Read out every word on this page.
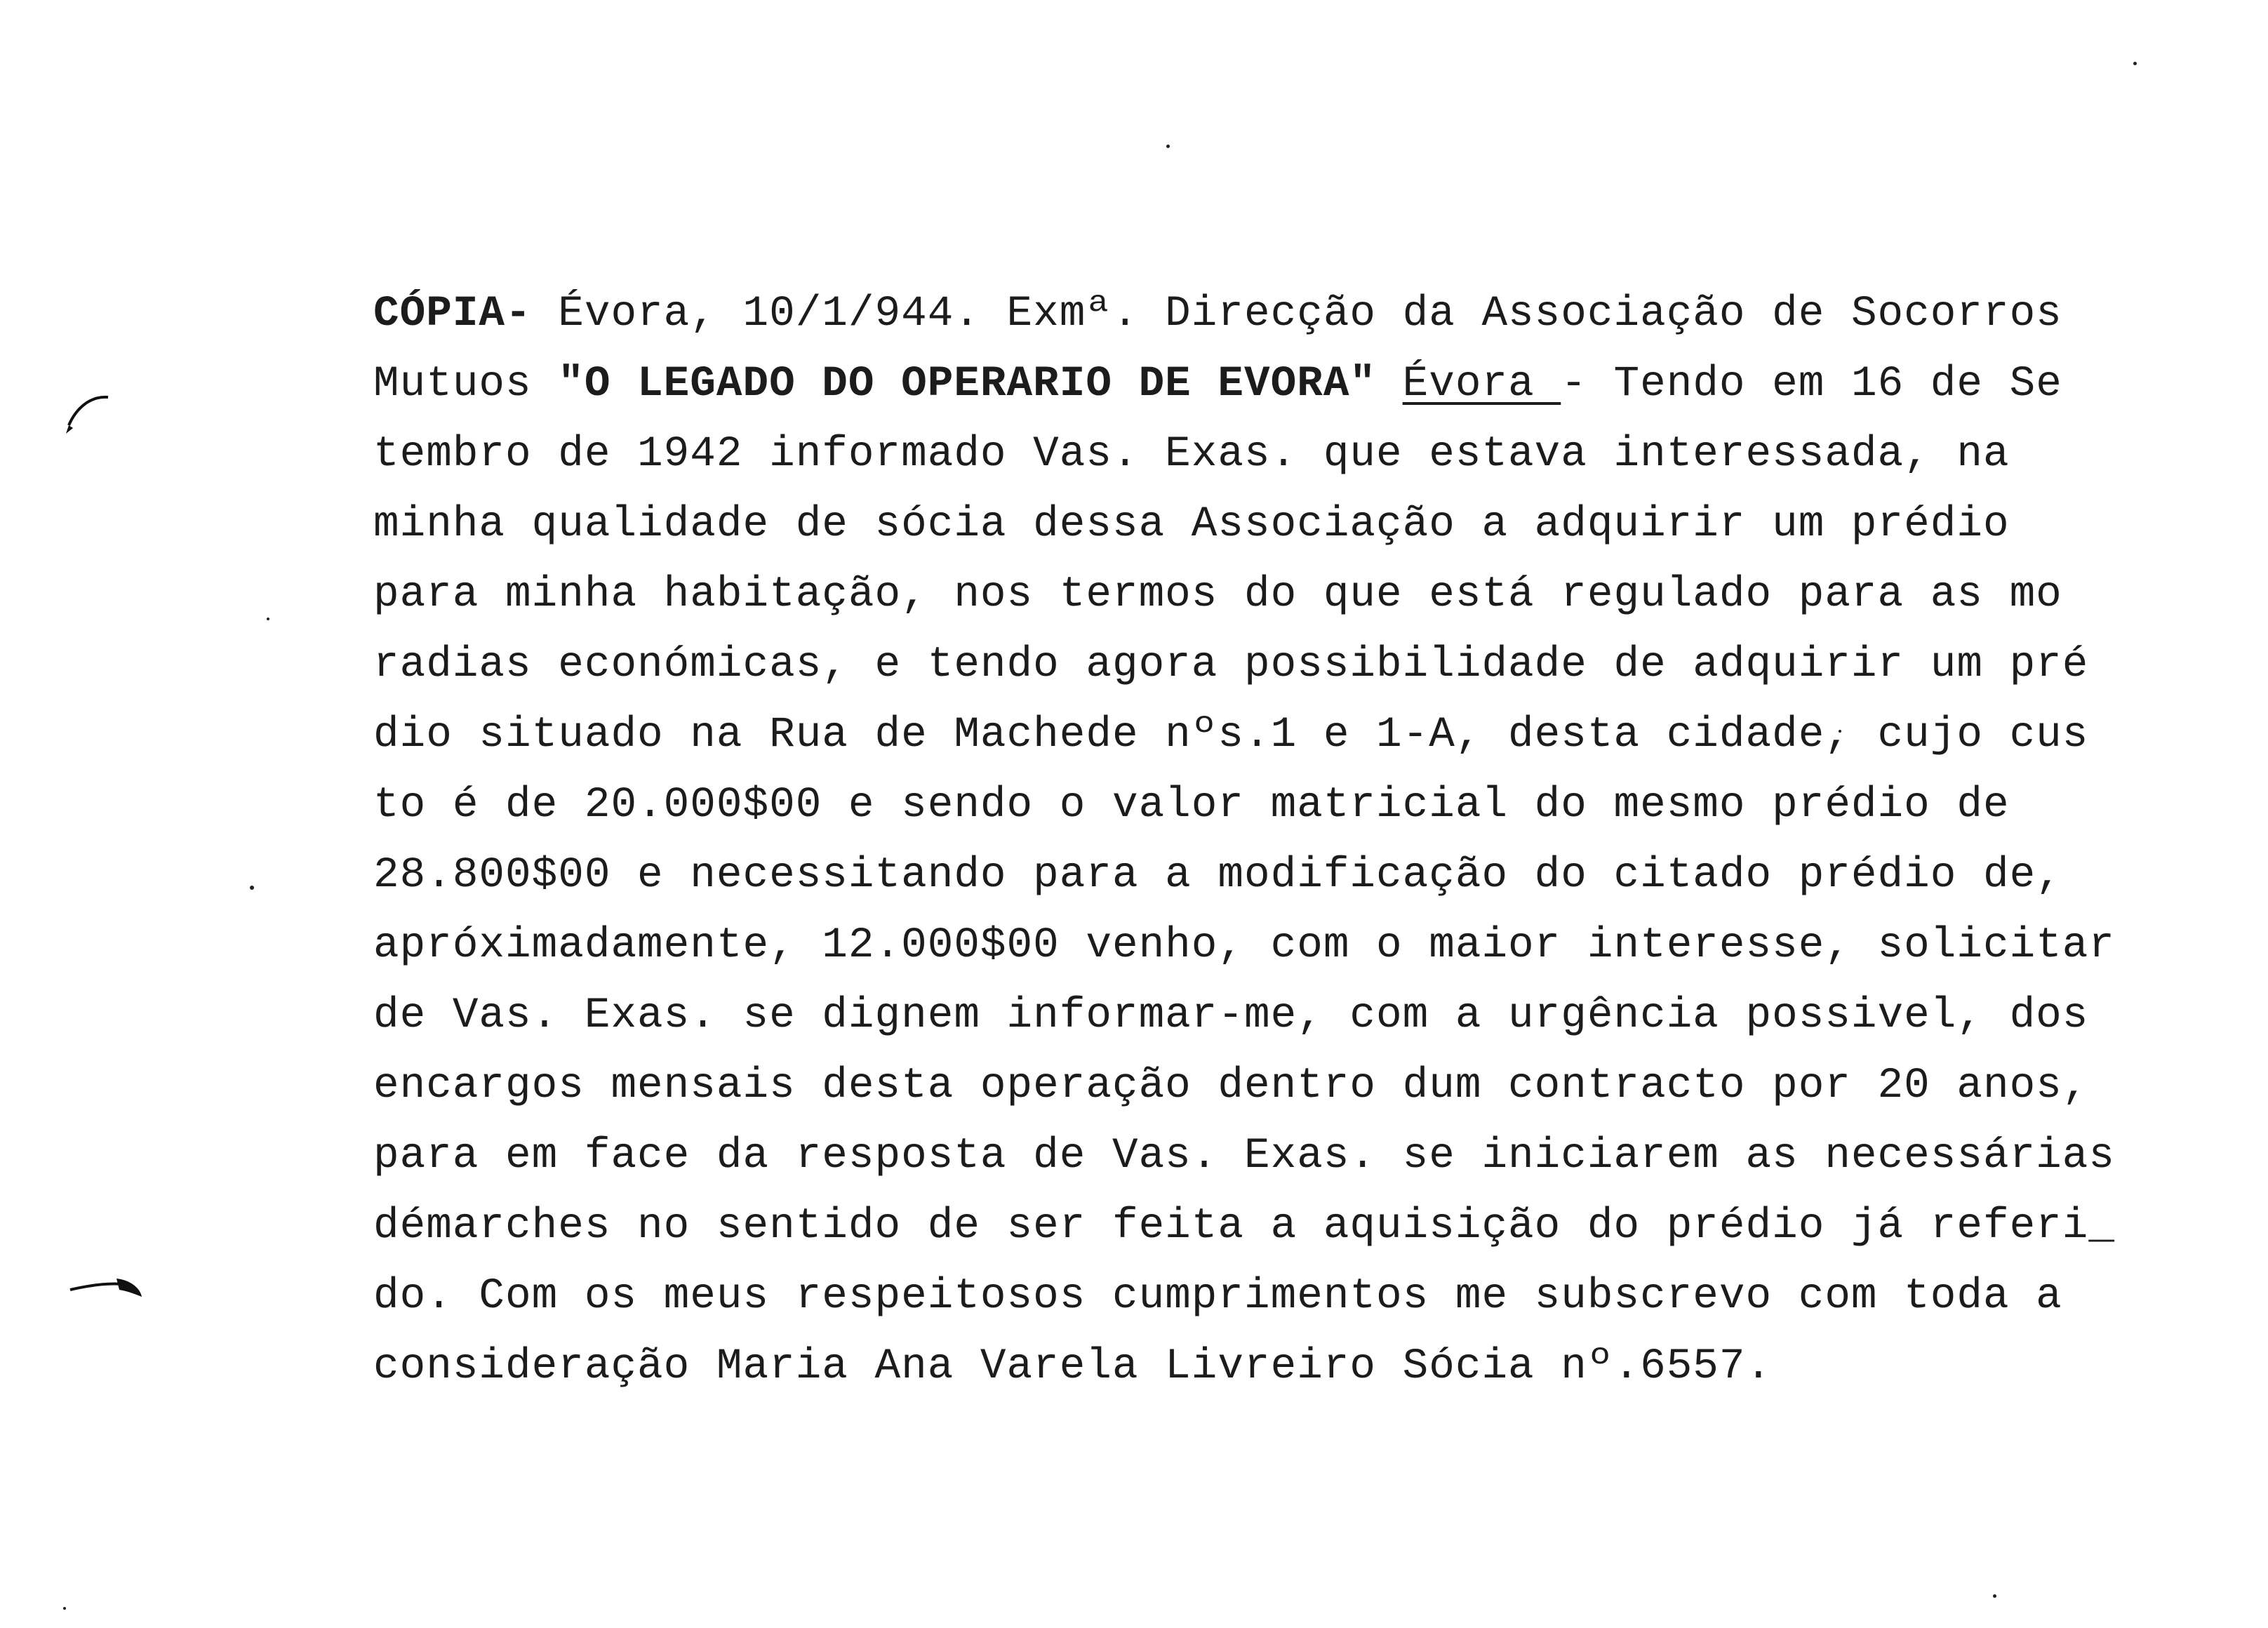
CÓPIA- Évora, 10/1/944. Exmª. Direcção da Associação de Socorros
Mutuos "O LEGADO DO OPERARIO DE EVORA" Évora - Tendo em 16 de Se
tembro de 1942 informado Vas. Exas. que estava interessada, na
minha qualidade de sócia dessa Associação a adquirir um prédio
para minha habitação, nos termos do que está regulado para as mo
radias económicas, e tendo agora possibilidade de adquirir um pré
dio situado na Rua de Machede nºs.1 e 1-A, desta cidade, cujo cus
to é de 20.000$00 e sendo o valor matricial do mesmo prédio de
28.800$00 e necessitando para a modificação do citado prédio de,
apróximadamente, 12.000$00 venho, com o maior interesse, solicitar
de Vas. Exas. se dignem informar-me, com a urgência possivel, dos
encargos mensais desta operação dentro dum contracto por 20 anos,
para em face da resposta de Vas. Exas. se iniciarem as necessárias
démarches no sentido de ser feita a aquisição do prédio já referi_
do. Com os meus respeitosos cumprimentos me subscrevo com toda a
consideração Maria Ana Varela Livreiro Sócia nº.6557.
